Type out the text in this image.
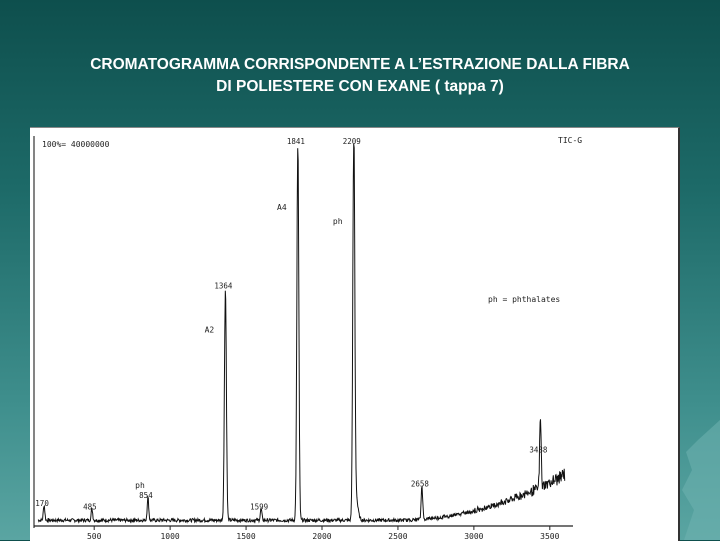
CROMATOGRAMMA CORRISPONDENTE A L’ESTRAZIONE DALLA FIBRA
DI POLIESTERE CON EXANE ( tappa 7)
100%= 40000000	TIC-G
ph = phthalates
500	1000	1500	2000	2500	3000	3500
170	485
854
ph
1364
A2
1599
1841
A4
2209
ph
2658
3438
